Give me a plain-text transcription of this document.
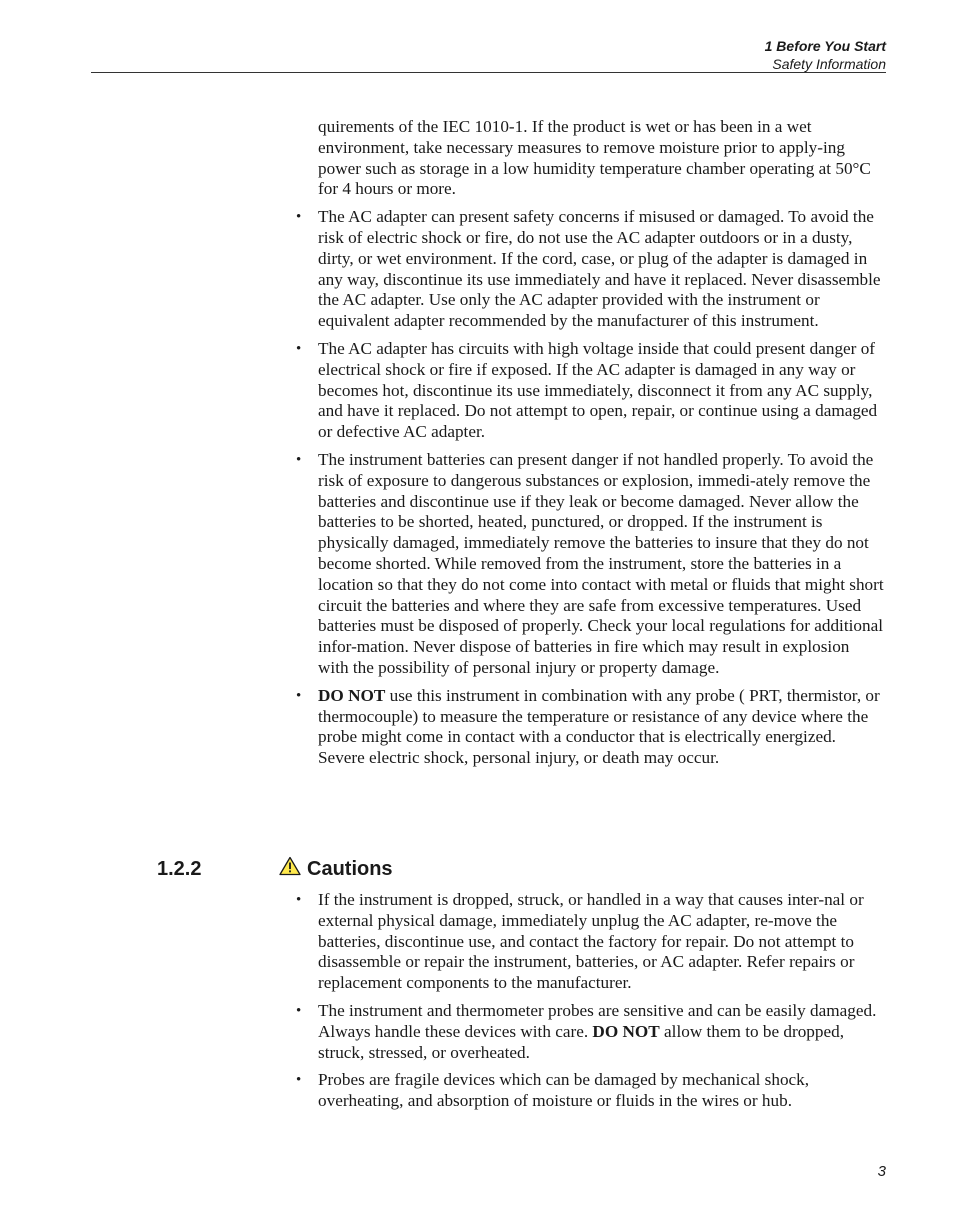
1 Before You Start
Safety Information

quirements of the IEC 1010-1. If the product is wet or has been in a wet environment, take necessary measures to remove moisture prior to apply-ing power such as storage in a low humidity temperature chamber operating at 50°C for 4 hours or more.

• The AC adapter can present safety concerns if misused or damaged. To avoid the risk of electric shock or fire, do not use the AC adapter outdoors or in a dusty, dirty, or wet environment. If the cord, case, or plug of the adapter is damaged in any way, discontinue its use immediately and have it replaced. Never disassemble the AC adapter. Use only the AC adapter provided with the instrument or equivalent adapter recommended by the manufacturer of this instrument.
• The AC adapter has circuits with high voltage inside that could present danger of electrical shock or fire if exposed. If the AC adapter is damaged in any way or becomes hot, discontinue its use immediately, disconnect it from any AC supply, and have it replaced. Do not attempt to open, repair, or continue using a damaged or defective AC adapter.
• The instrument batteries can present danger if not handled properly. To avoid the risk of exposure to dangerous substances or explosion, immedi-ately remove the batteries and discontinue use if they leak or become damaged. Never allow the batteries to be shorted, heated, punctured, or dropped. If the instrument is physically damaged, immediately remove the batteries to insure that they do not become shorted. While removed from the instrument, store the batteries in a location so that they do not come into contact with metal or fluids that might short circuit the batteries and where they are safe from excessive temperatures. Used batteries must be disposed of properly. Check your local regulations for additional infor-mation. Never dispose of batteries in fire which may result in explosion with the possibility of personal injury or property damage.
• DO NOT use this instrument in combination with any probe ( PRT, thermistor, or thermocouple) to measure the temperature or resistance of any device where the probe might come in contact with a conductor that is electrically energized. Severe electric shock, personal injury, or death may occur.
1.2.2	Cautions
• If the instrument is dropped, struck, or handled in a way that causes inter-nal or external physical damage, immediately unplug the AC adapter, re-move the batteries, discontinue use, and contact the factory for repair. Do not attempt to disassemble or repair the instrument, batteries, or AC adapter. Refer repairs or replacement components to the manufacturer.
• The instrument and thermometer probes are sensitive and can be easily damaged. Always handle these devices with care. DO NOT allow them to be dropped, struck, stressed, or overheated.
• Probes are fragile devices which can be damaged by mechanical shock, overheating, and absorption of moisture or fluids in the wires or hub.
3
